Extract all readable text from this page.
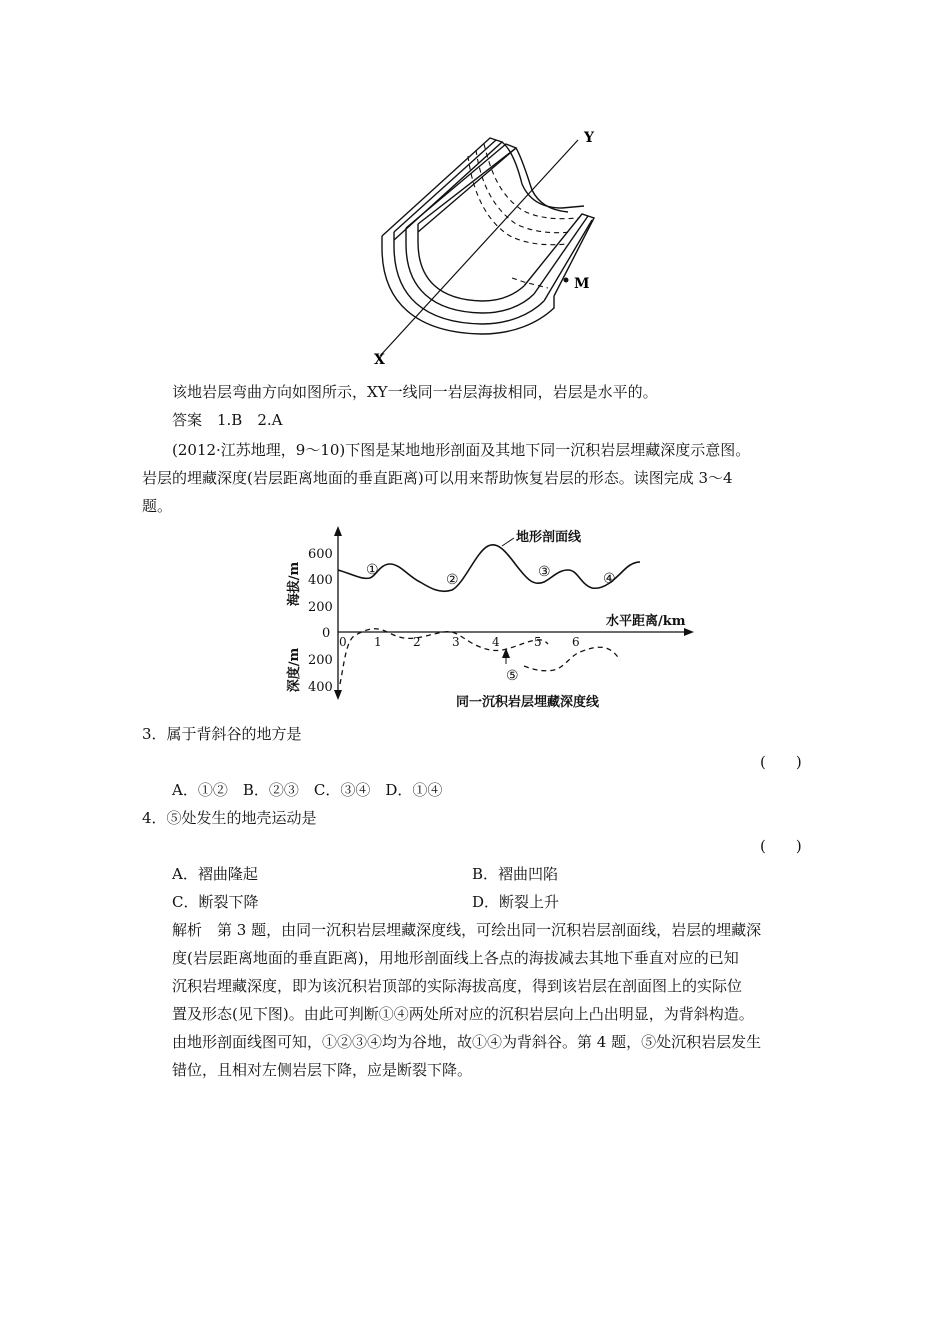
Y
X
M
该地岩层弯曲方向如图所示，XY一线同一岩层海拔相同，岩层是水平的。
答案　1.B　2.A
(2012·江苏地理，9～10)下图是某地地形剖面及其地下同一沉积岩层埋藏深度示意图。
岩层的埋藏深度(岩层距离地面的垂直距离)可以用来帮助恢复岩层的形态。读图完成 3～4
题。
600
400
200
0
200
400
海拔/m
深度/m
0 1	2	3	4	5	6
水平距离/km
地形剖面线
①
②	③	④
⑤
同一沉积岩层埋藏深度线
3．属于背斜谷的地方是
(　　)
A．①②　B．②③　C．③④　D．①④
4．⑤处发生的地壳运动是
(　　)
A．褶曲隆起	B．褶曲凹陷
C．断裂下降	D．断裂上升
解析　第 3 题，由同一沉积岩层埋藏深度线，可绘出同一沉积岩层剖面线，岩层的埋藏深
度(岩层距离地面的垂直距离)，用地形剖面线上各点的海拔减去其地下垂直对应的已知
沉积岩埋藏深度，即为该沉积岩顶部的实际海拔高度，得到该岩层在剖面图上的实际位
置及形态(见下图)。由此可判断①④两处所对应的沉积岩层向上凸出明显，为背斜构造。
由地形剖面线图可知，①②③④均为谷地，故①④为背斜谷。第 4 题，⑤处沉积岩层发生
错位，且相对左侧岩层下降，应是断裂下降。
